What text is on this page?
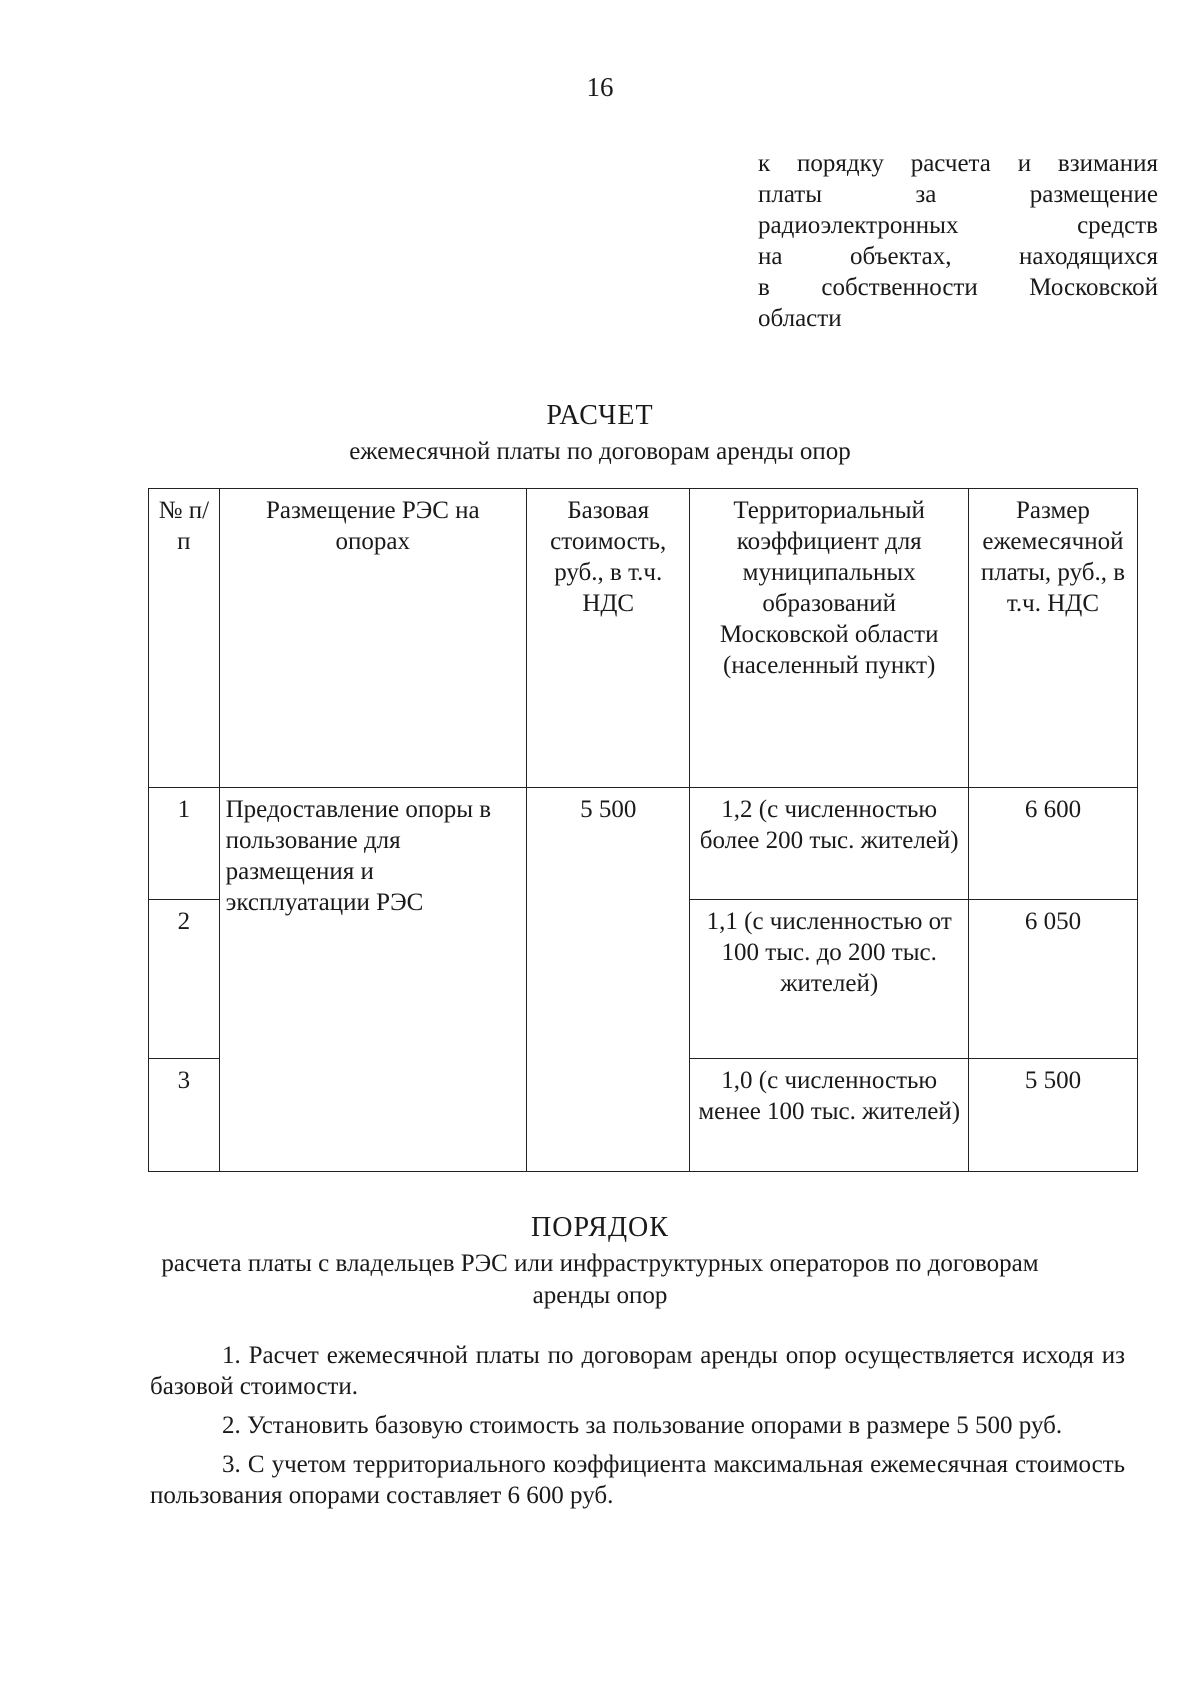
16
к порядку расчета и взимания
платы за размещение
радиоэлектронных средств
на объектах, находящихся
в собственности Московской
области
РАСЧЕТ
ежемесячной платы по договорам аренды опор
№ п/п	Размещение РЭС на опорах	Базовая стоимость, руб., в т.ч. НДС	Территориальный коэффициент для муниципальных образований Московской области (населенный пункт)	Размер ежемесячной платы, руб., в т.ч. НДС
1	Предоставление опоры в пользование для размещения и эксплуатации РЭС	5 500	1,2 (с численностью более 200 тыс. жителей)	6 600
2			1,1 (с численностью от 100 тыс. до 200 тыс. жителей)	6 050
3			1,0 (с численностью менее 100 тыс. жителей)	5 500
ПОРЯДОК
расчета платы с владельцев РЭС или инфраструктурных операторов по договорам аренды опор

1. Расчет ежемесячной платы по договорам аренды опор осуществляется исходя из базовой стоимости.

2. Установить базовую стоимость за пользование опорами в размере 5 500 руб.

3. С учетом территориального коэффициента максимальная ежемесячная стоимость пользования опорами составляет 6 600 руб.
